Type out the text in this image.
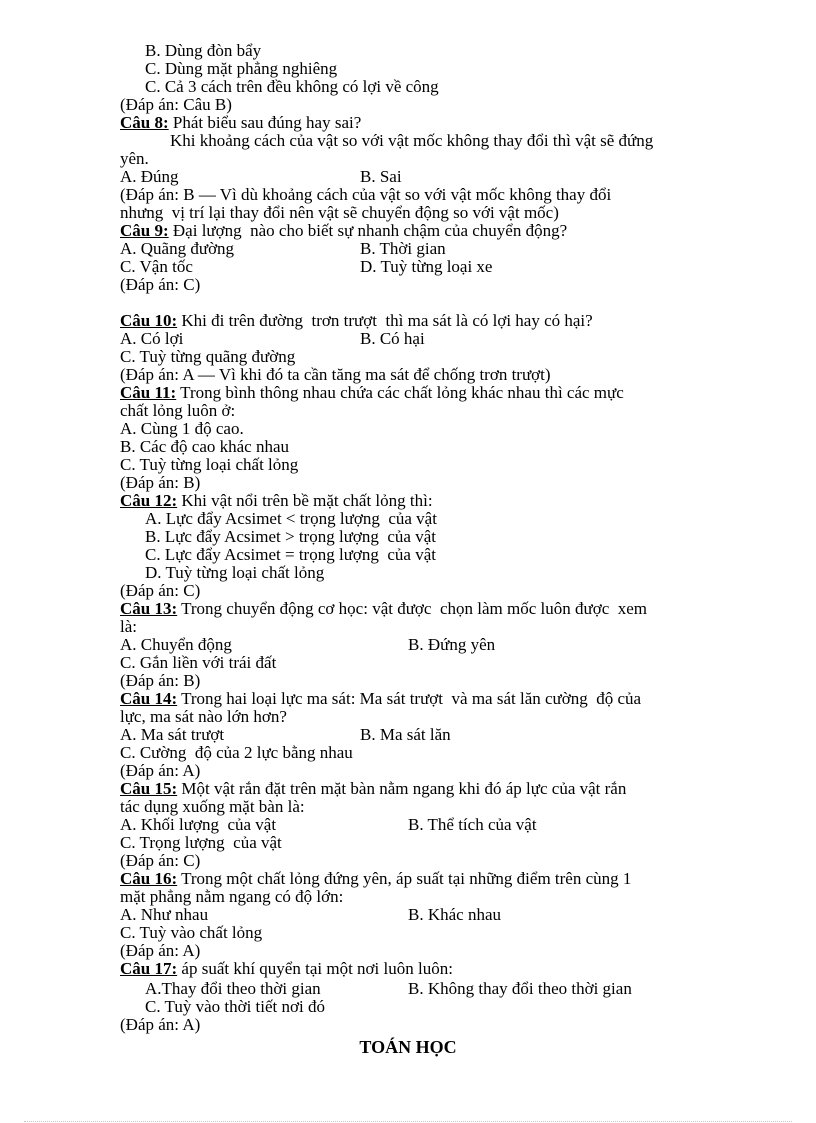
B. Dùng đòn bẩy
C. Dùng mặt phẳng nghiêng
C. Cả 3 cách trên đều không có lợi về công
(Đáp án: Câu B)
Câu 8: Phát biểu sau đúng hay sai?
Khi khoảng cách của vật so với vật mốc không thay đổi thì vật sẽ đứng
yên.
A. Đúng	B. Sai
(Đáp án: B — Vì dù khoảng cách của vật so với vật mốc không thay đổi
nhưng  vị trí lại thay đổi nên vật sẽ chuyển động so với vật mốc)
Câu 9: Đại lượng  nào cho biết sự nhanh chậm của chuyển động?
A. Quãng đường	B. Thời gian
C. Vận tốc	D. Tuỳ từng loại xe
(Đáp án: C)
Câu 10: Khi đi trên đường  trơn trượt  thì ma sát là có lợi hay có hại?
A. Có lợi	B. Có hại
C. Tuỳ từng quãng đường
(Đáp án: A — Vì khi đó ta cần tăng ma sát để chống trơn trượt)
Câu 11: Trong bình thông nhau chứa các chất lỏng khác nhau thì các mực
chất lỏng luôn ở:
A. Cùng 1 độ cao.
B. Các độ cao khác nhau
C. Tuỳ từng loại chất lỏng
(Đáp án: B)
Câu 12: Khi vật nổi trên bề mặt chất lỏng thì:
A. Lực đẩy Acsimet < trọng lượng  của vật
B. Lực đẩy Acsimet > trọng lượng  của vật
C. Lực đẩy Acsimet = trọng lượng  của vật
D. Tuỳ từng loại chất lỏng
(Đáp án: C)
Câu 13: Trong chuyển động cơ học: vật được  chọn làm mốc luôn được  xem
là:
A. Chuyển động	B. Đứng yên
C. Gắn liền với trái đất
(Đáp án: B)
Câu 14: Trong hai loại lực ma sát: Ma sát trượt  và ma sát lăn cường  độ của
lực, ma sát nào lớn hơn?
A. Ma sát trượt	B. Ma sát lăn
C. Cường  độ của 2 lực bằng nhau
(Đáp án: A)
Câu 15: Một vật rắn đặt trên mặt bàn nằm ngang khi đó áp lực của vật rắn
tác dụng xuống mặt bàn là:
A. Khối lượng  của vật	B. Thể tích của vật
C. Trọng lượng  của vật
(Đáp án: C)
Câu 16: Trong một chất lỏng đứng yên, áp suất tại những điểm trên cùng 1
mặt phẳng nằm ngang có độ lớn:
A. Như nhau	B. Khác nhau
C. Tuỳ vào chất lỏng
(Đáp án: A)
Câu 17: áp suất khí quyển tại một nơi luôn luôn:
A.Thay đổi theo thời gian	B. Không thay đổi theo thời gian
C. Tuỳ vào thời tiết nơi đó
(Đáp án: A)
TOÁN HỌC
